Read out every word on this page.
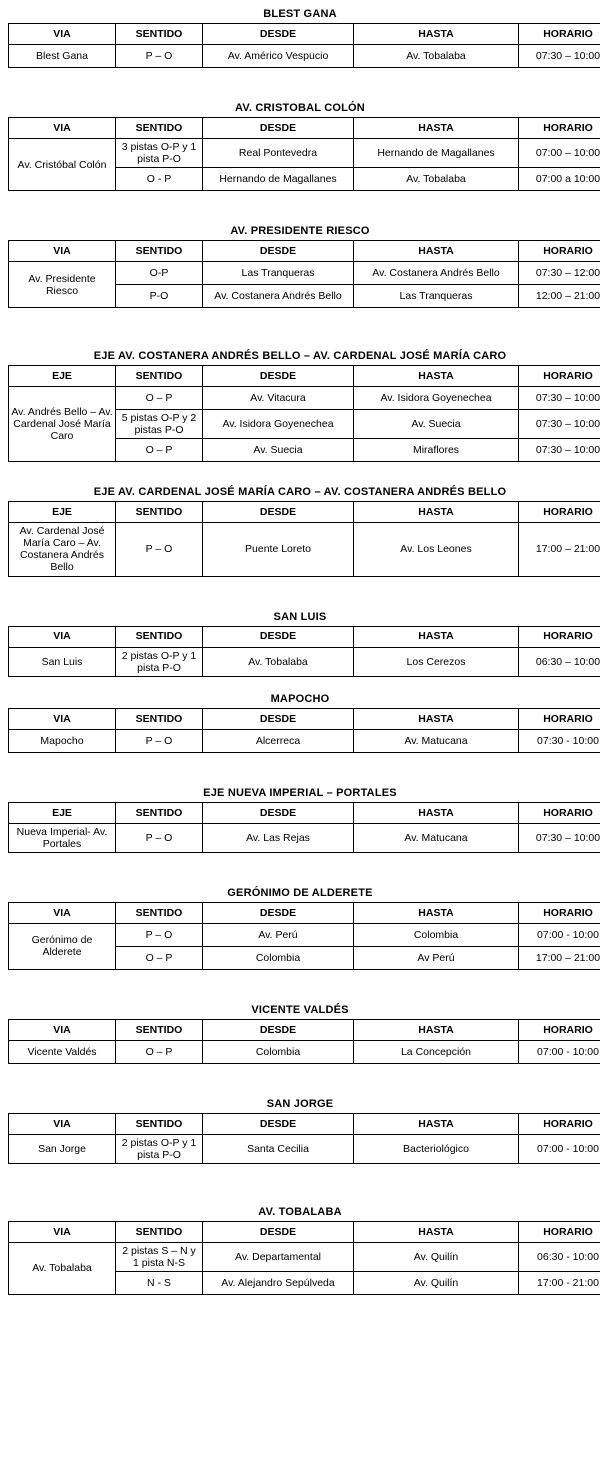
BLEST GANA
VIA	SENTIDO	DESDE	HASTA	HORARIO
Blest Gana	P – O	Av. Américo Vespucio	Av. Tobalaba	07:30 – 10:00
AV. CRISTOBAL COLÓN
VIA	SENTIDO	DESDE	HASTA	HORARIO
Av. Cristóbal Colón	3 pistas O-P y 1 pista P-O	Real Pontevedra	Hernando de Magallanes	07:00 – 10:00
	O - P	Hernando de Magallanes	Av. Tobalaba	07:00 a 10:00
AV. PRESIDENTE RIESCO
VIA	SENTIDO	DESDE	HASTA	HORARIO
Av. Presidente Riesco	O-P	Las Tranqueras	Av. Costanera Andrés Bello	07:30 – 12:00
	P-O	Av. Costanera Andrés Bello	Las Tranqueras	12:00 – 21:00
EJE AV. COSTANERA ANDRÉS BELLO – AV. CARDENAL JOSÉ MARÍA CARO
EJE	SENTIDO	DESDE	HASTA	HORARIO
Av. Andrés Bello – Av. Cardenal José María Caro	O – P	Av. Vitacura	Av. Isidora Goyenechea	07:30 – 10:00
	5 pistas O-P y 2 pistas P-O	Av. Isidora Goyenechea	Av. Suecia	07:30 – 10:00
	O – P	Av. Suecia	Miraflores	07:30 – 10:00
EJE AV. CARDENAL JOSÉ MARÍA CARO – AV. COSTANERA ANDRÉS BELLO
EJE	SENTIDO	DESDE	HASTA	HORARIO
Av. Cardenal José María Caro – Av. Costanera Andrés Bello	P – O	Puente Loreto	Av. Los Leones	17:00 – 21:00
SAN LUIS
VIA	SENTIDO	DESDE	HASTA	HORARIO
San Luis	2 pistas O-P y 1 pista P-O	Av. Tobalaba	Los Cerezos	06:30 – 10:00
MAPOCHO
VIA	SENTIDO	DESDE	HASTA	HORARIO
Mapocho	P – O	Alcerreca	Av. Matucana	07:30 - 10:00
EJE NUEVA IMPERIAL – PORTALES
EJE	SENTIDO	DESDE	HASTA	HORARIO
Nueva Imperial- Av. Portales	P – O	Av. Las Rejas	Av. Matucana	07:30 – 10:00
GERÓNIMO DE ALDERETE
VIA	SENTIDO	DESDE	HASTA	HORARIO
Gerónimo de Alderete	P – O	Av. Perú	Colombia	07:00 - 10:00
	O – P	Colombia	Av Perú	17:00 – 21:00
VICENTE VALDÉS
VIA	SENTIDO	DESDE	HASTA	HORARIO
Vicente Valdés	O – P	Colombia	La Concepción	07:00 - 10:00
SAN JORGE
VIA	SENTIDO	DESDE	HASTA	HORARIO
San Jorge	2 pistas O-P y 1 pista P-O	Santa Cecilia	Bacteriológico	07:00 - 10:00
AV. TOBALABA
VIA	SENTIDO	DESDE	HASTA	HORARIO
Av. Tobalaba	2 pistas S – N y 1 pista N-S	Av. Departamental	Av. Quilín	06:30 - 10:00
	N - S	Av. Alejandro Sepúlveda	Av. Quilín	17:00 - 21:00
